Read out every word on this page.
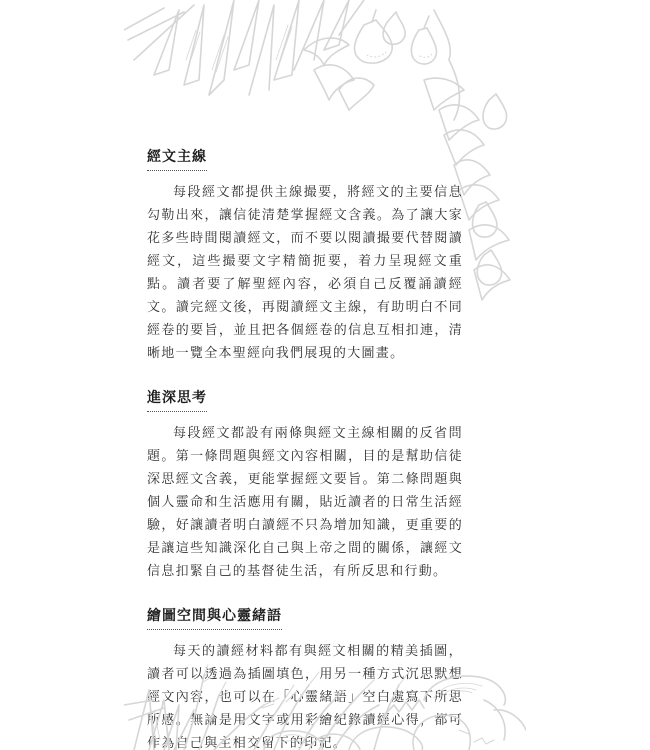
經文主線

每段經文都提供主線撮要，將經文的主要信息勾勒出來，讓信徒清楚掌握經文含義。為了讓大家花多些時間閱讀經文，而不要以閱讀撮要代替閱讀經文，這些撮要文字精簡扼要，着力呈現經文重點。讀者要了解聖經內容，必須自己反覆誦讀經文。讀完經文後，再閱讀經文主線，有助明白不同經卷的要旨，並且把各個經卷的信息互相扣連，清晰地一覽全本聖經向我們展現的大圖畫。

進深思考

每段經文都設有兩條與經文主線相關的反省問題。第一條問題與經文內容相關，目的是幫助信徒深思經文含義，更能掌握經文要旨。第二條問題與個人靈命和生活應用有關，貼近讀者的日常生活經驗，好讓讀者明白讀經不只為增加知識，更重要的是讓這些知識深化自己與上帝之間的關係，讓經文信息扣緊自己的基督徒生活，有所反思和行動。

繪圖空間與心靈緒語

每天的讀經材料都有與經文相關的精美插圖，讀者可以透過為插圖填色，用另一種方式沉思默想經文內容，也可以在「心靈緒語」空白處寫下所思所感。無論是用文字或用彩繪紀錄讀經心得，都可作為自己與主相交留下的印記。
